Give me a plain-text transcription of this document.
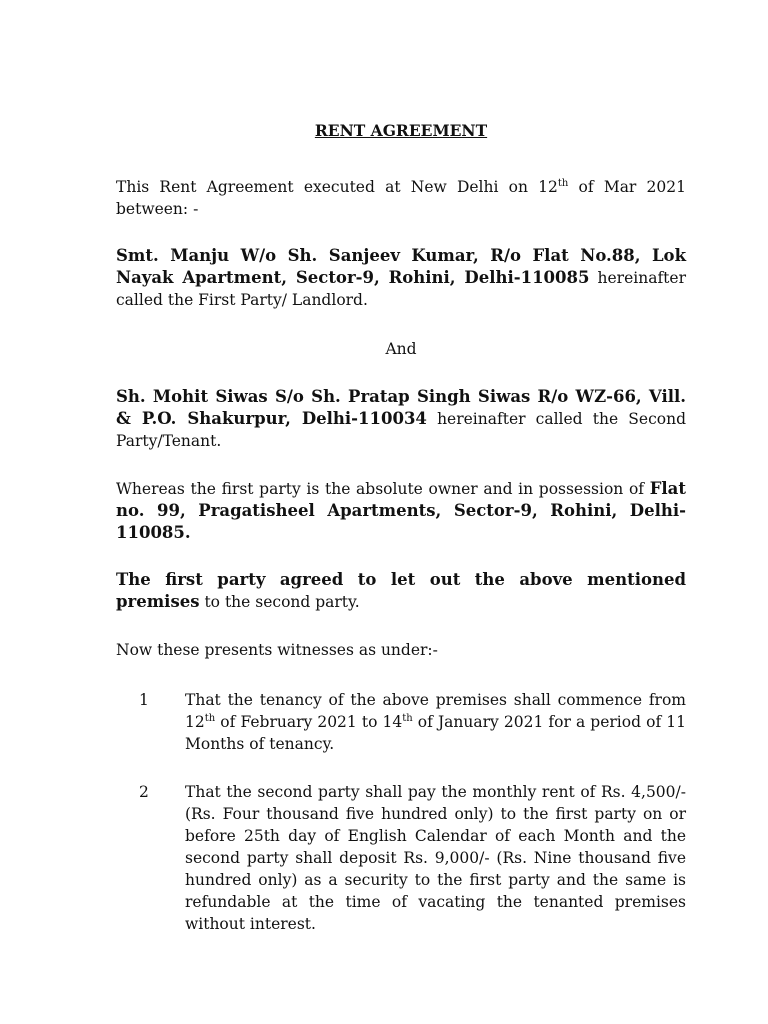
RENT AGREEMENT

This Rent Agreement executed at New Delhi on 12th of Mar 2021 between: -

Smt. Manju W/o Sh. Sanjeev Kumar, R/o Flat No.88, Lok Nayak Apartment, Sector-9, Rohini, Delhi-110085 hereinafter called the First Party/ Landlord.

And

Sh. Mohit Siwas S/o Sh. Pratap Singh Siwas R/o WZ-66, Vill. & P.O. Shakurpur, Delhi-110034 hereinafter called the Second Party/Tenant.

Whereas the first party is the absolute owner and in possession of Flat no. 99, Pragatisheel Apartments, Sector-9, Rohini, Delhi-110085.

The first party agreed to let out the above mentioned premises to the second party.

Now these presents witnesses as under:-

1	That the tenancy of the above premises shall commence from 12th of February 2021 to 14th of January 2021 for a period of 11 Months of tenancy.
2	That the second party shall pay the monthly rent of Rs. 4,500/- (Rs. Four thousand five hundred only) to the first party on or before 25th day of English Calendar of each Month and the second party shall deposit Rs. 9,000/- (Rs. Nine thousand five hundred only) as a security to the first party and the same is refundable at the time of vacating the tenanted premises without interest.
